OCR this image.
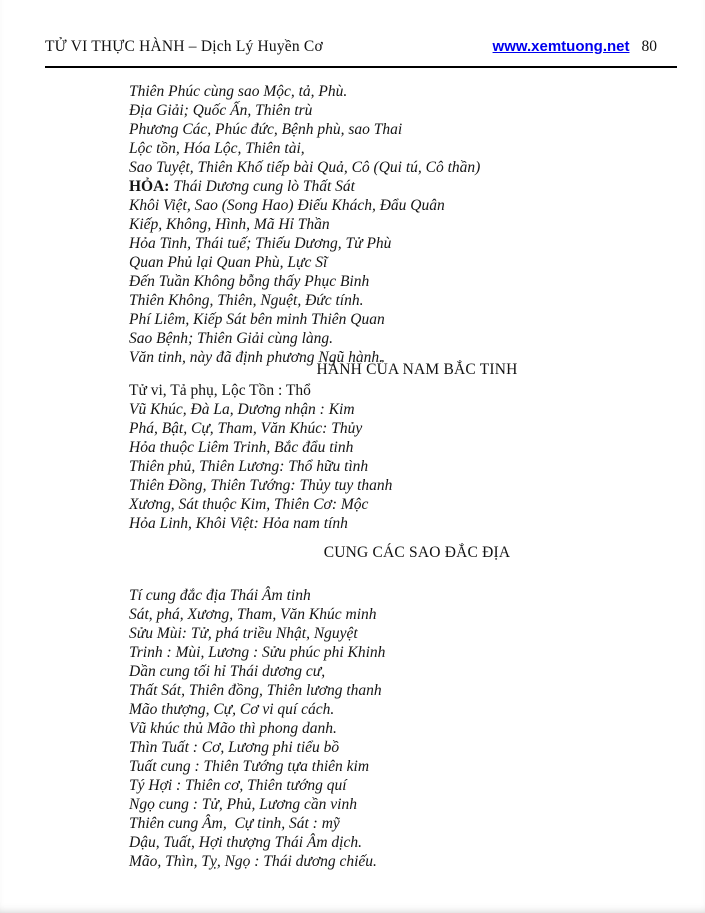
TỬ VI THỰC HÀNH – Dịch Lý Huyền Cơ	www.xemtuong.net 80
Thiên Phúc cùng sao Mộc, tả, Phù.
Địa Giải; Quốc Ấn, Thiên trù
Phương Các, Phúc đức, Bệnh phù, sao Thai
Lộc tồn, Hóa Lộc, Thiên tài,
Sao Tuyệt, Thiên Khố tiếp bài Quả, Cô (Qui tú, Cô thần)
HỎA: Thái Dương cung lò Thất Sát
Khôi Việt, Sao (Song Hao) Điếu Khách, Đẩu Quân
Kiếp, Không, Hình, Mã Hỉ Thần
Hỏa Tinh, Thái tuế; Thiếu Dương, Tử Phù
Quan Phủ lại Quan Phù, Lực Sĩ
Đến Tuần Không bỗng thấy Phục Binh
Thiên Không, Thiên, Nguệt, Đức tính.
Phí Liêm, Kiếp Sát bên minh Thiên Quan
Sao Bệnh; Thiên Giải cùng làng.
Văn tinh, này đã định phương Ngũ hành.
HÀNH CỦA NAM BẮC TINH
Tử vi, Tả phụ, Lộc Tồn : Thổ
Vũ Khúc, Đà La, Dương nhận : Kim
Phá, Bật, Cự, Tham, Văn Khúc: Thủy
Hỏa thuộc Liêm Trinh, Bắc đẩu tinh
Thiên phủ, Thiên Lương: Thổ hữu tình
Thiên Đồng, Thiên Tướng: Thủy tuy thanh
Xương, Sát thuộc Kim, Thiên Cơ: Mộc
Hỏa Linh, Khôi Việt: Hỏa nam tính
CUNG CÁC SAO ĐẮC ĐỊA
Tí cung đắc địa Thái Âm tinh
Sát, phá, Xương, Tham, Văn Khúc minh
Sửu Mùi: Tử, phá triều Nhật, Nguyệt
Trinh : Mùi, Lương : Sửu phúc phi Khinh
Dần cung tối hỉ Thái dương cư,
Thất Sát, Thiên đồng, Thiên lương thanh
Mão thượng, Cự, Cơ vi quí cách.
Vũ khúc thủ Mão thì phong danh.
Thìn Tuất : Cơ, Lương phi tiểu bồ
Tuất cung : Thiên Tướng tựa thiên kim
Tý Hợi : Thiên cơ, Thiên tướng quí
Ngọ cung : Tử, Phủ, Lương cần vinh
Thiên cung Âm,  Cự tinh, Sát : mỹ
Dậu, Tuất, Hợi thượng Thái Âm dịch.
Mão, Thìn, Tỵ, Ngọ : Thái dương chiếu.
